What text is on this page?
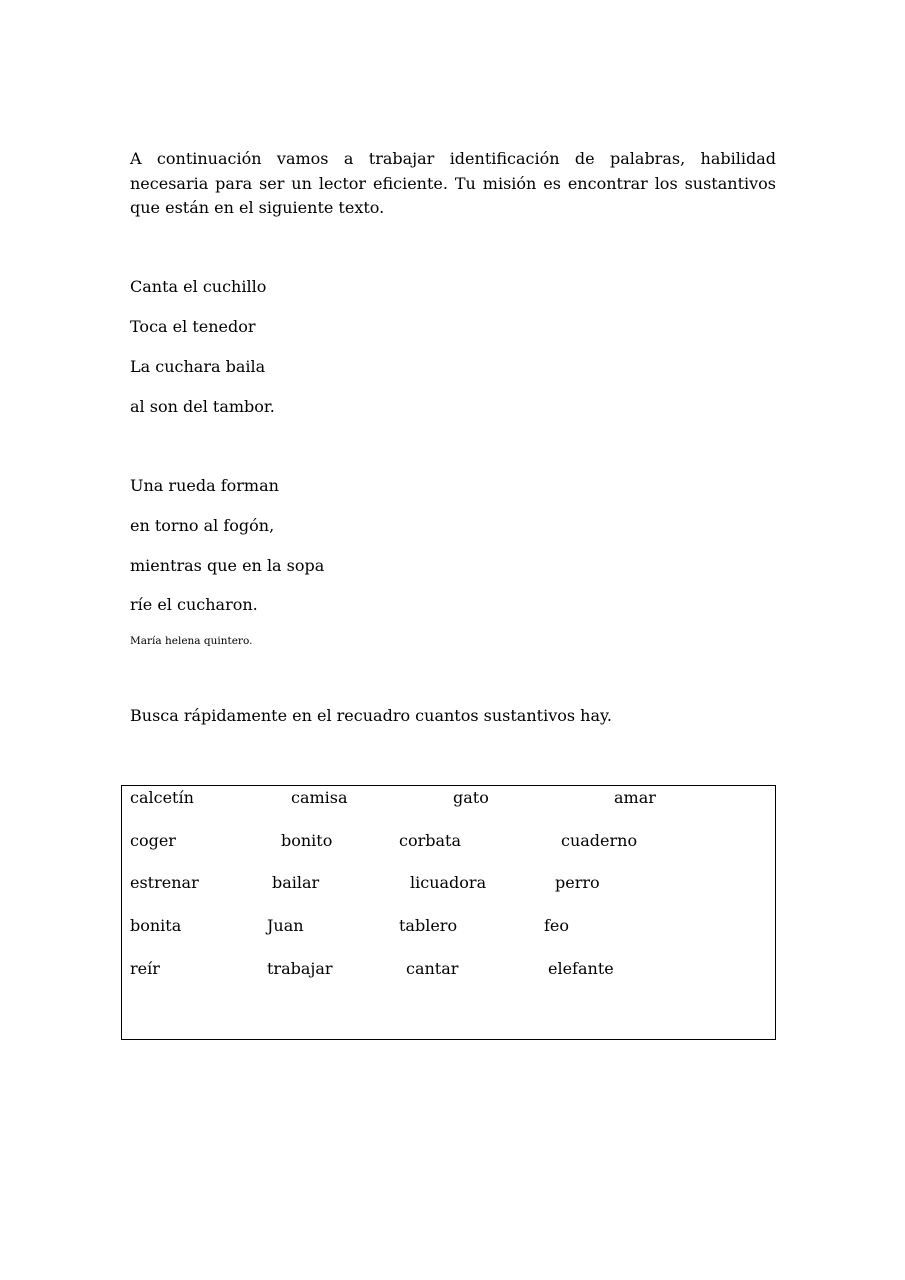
A continuación vamos a trabajar identificación de palabras, habilidad necesaria para ser un lector eficiente. Tu misión es encontrar los sustantivos que están en el siguiente texto.

Canta el cuchillo

Toca el tenedor

La cuchara baila

al son del tambor.

Una rueda forman

en torno al fogón,

mientras que en la sopa

ríe el cucharon.

María helena quintero.

Busca rápidamente en el recuadro cuantos sustantivos hay.

calcetín	camisa	gato	amar
coger	bonito	corbata	cuaderno
estrenar	bailar	licuadora	perro
bonita	Juan	tablero	feo
reír	trabajar	cantar	elefante
